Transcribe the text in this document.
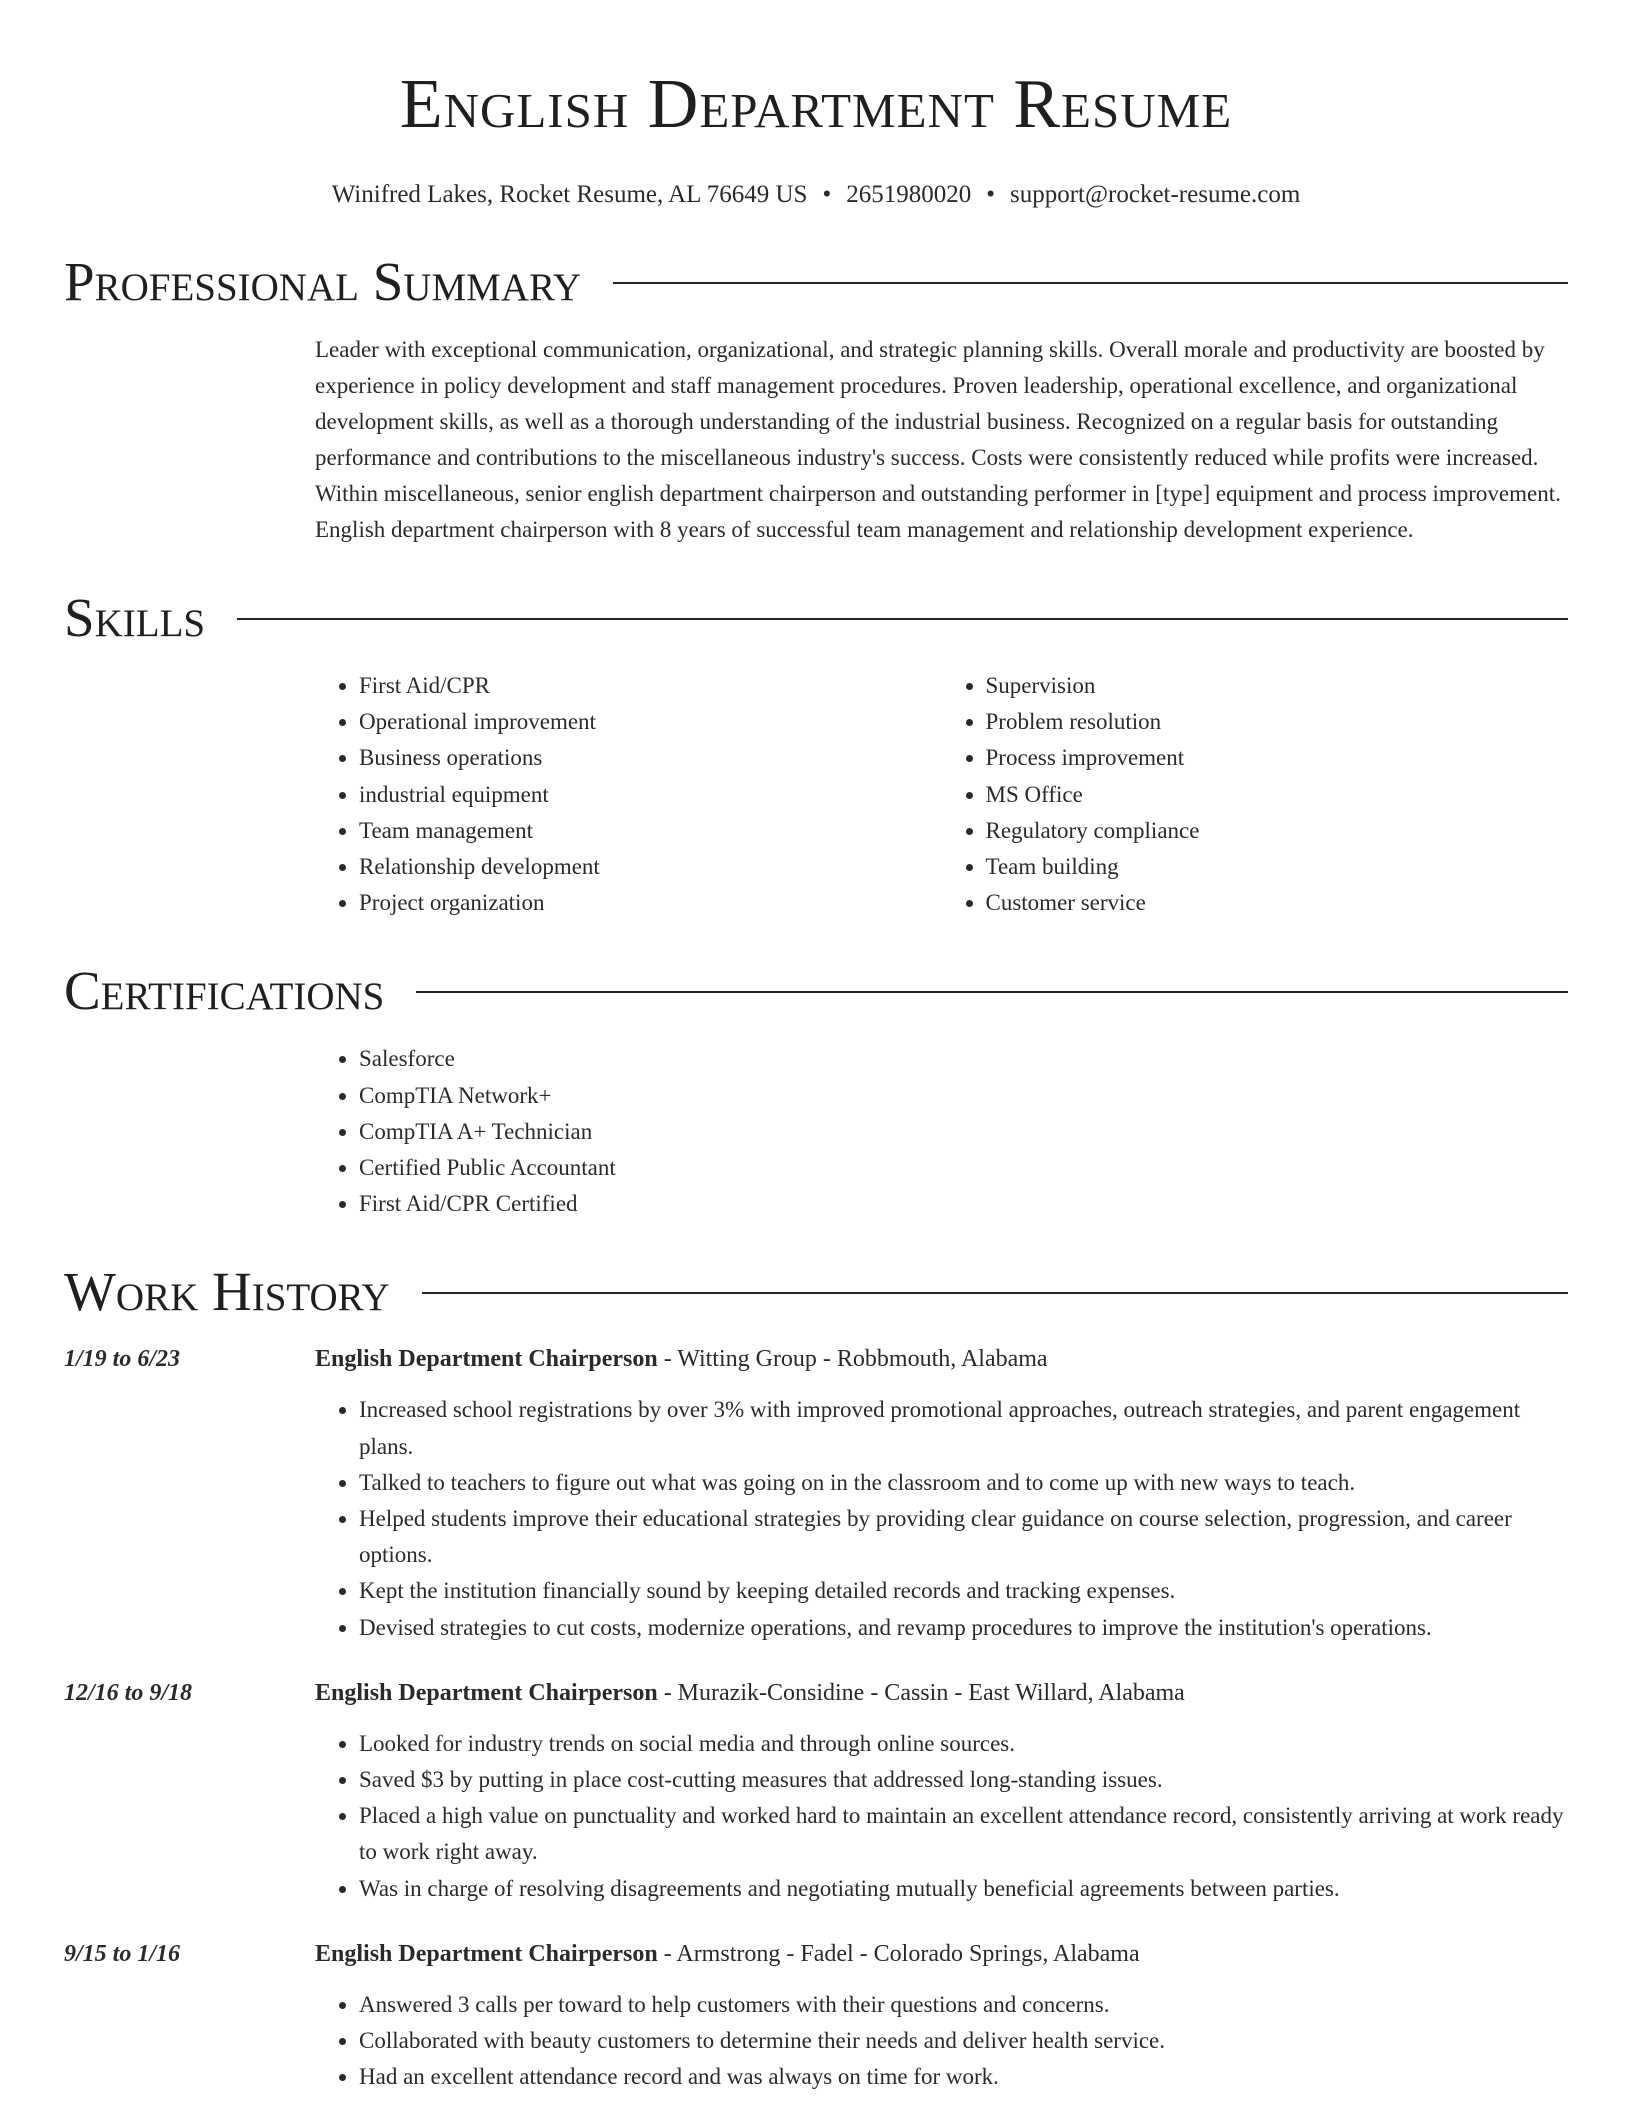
English Department Resume
Winifred Lakes, Rocket Resume, AL 76649 US • 2651980020 • support@rocket-resume.com
Professional Summary
Leader with exceptional communication, organizational, and strategic planning skills. Overall morale and productivity are boosted by experience in policy development and staff management procedures. Proven leadership, operational excellence, and organizational development skills, as well as a thorough understanding of the industrial business. Recognized on a regular basis for outstanding performance and contributions to the miscellaneous industry's success. Costs were consistently reduced while profits were increased. Within miscellaneous, senior english department chairperson and outstanding performer in [type] equipment and process improvement. English department chairperson with 8 years of successful team management and relationship development experience.
Skills
• First Aid/CPR
• Operational improvement
• Business operations
• industrial equipment
• Team management
• Relationship development
• Project organization
• Supervision
• Problem resolution
• Process improvement
• MS Office
• Regulatory compliance
• Team building
• Customer service
Certifications
• Salesforce
• CompTIA Network+
• CompTIA A+ Technician
• Certified Public Accountant
• First Aid/CPR Certified
Work History
1/19 to 6/23	English Department Chairperson - Witting Group - Robbmouth, Alabama
• Increased school registrations by over 3% with improved promotional approaches, outreach strategies, and parent engagement plans.
• Talked to teachers to figure out what was going on in the classroom and to come up with new ways to teach.
• Helped students improve their educational strategies by providing clear guidance on course selection, progression, and career options.
• Kept the institution financially sound by keeping detailed records and tracking expenses.
• Devised strategies to cut costs, modernize operations, and revamp procedures to improve the institution's operations.
12/16 to 9/18	English Department Chairperson - Murazik-Considine - Cassin - East Willard, Alabama
• Looked for industry trends on social media and through online sources.
• Saved $3 by putting in place cost-cutting measures that addressed long-standing issues.
• Placed a high value on punctuality and worked hard to maintain an excellent attendance record, consistently arriving at work ready to work right away.
• Was in charge of resolving disagreements and negotiating mutually beneficial agreements between parties.
9/15 to 1/16	English Department Chairperson - Armstrong - Fadel - Colorado Springs, Alabama
• Answered 3 calls per toward to help customers with their questions and concerns.
• Collaborated with beauty customers to determine their needs and deliver health service.
• Had an excellent attendance record and was always on time for work.
